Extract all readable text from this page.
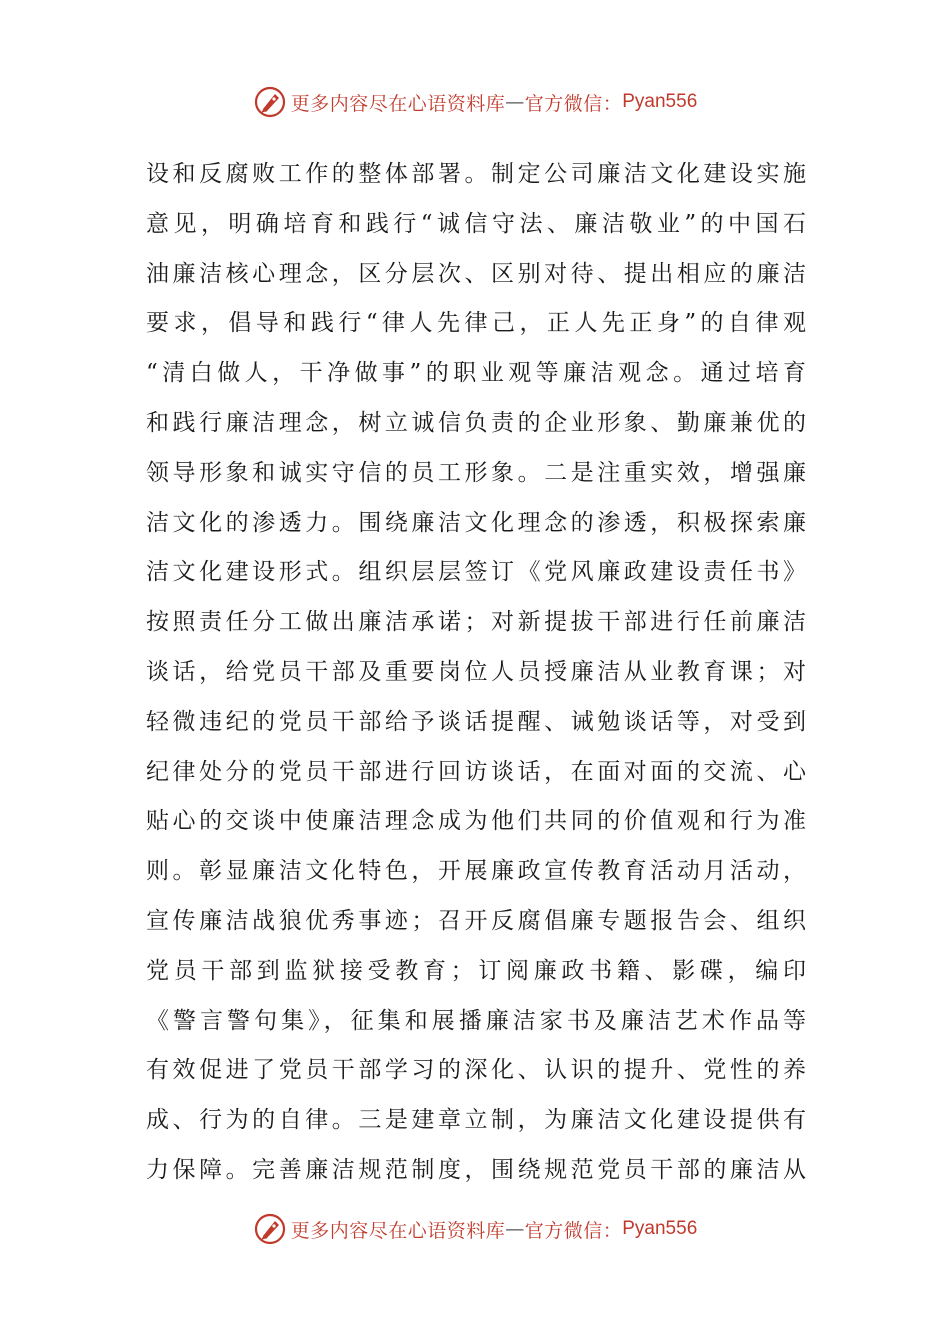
更多内容尽在心语资料库 — 官方微信： Pyan556
设和反腐败工作的整体部署。制定公司廉洁文化建设实施
意见，明确培育和践行“诚信守法、廉洁敬业”的中国石
油廉洁核心理念，区分层次、区别对待、提出相应的廉洁
要求，倡导和践行“律人先律己，正人先正身”的自律观
“清白做人，干净做事”的职业观等廉洁观念。通过培育
和践行廉洁理念，树立诚信负责的企业形象、勤廉兼优的
领导形象和诚实守信的员工形象。二是注重实效，增强廉
洁文化的渗透力。围绕廉洁文化理念的渗透，积极探索廉
洁文化建设形式。组织层层签订《党风廉政建设责任书》
按照责任分工做出廉洁承诺；对新提拔干部进行任前廉洁
谈话，给党员干部及重要岗位人员授廉洁从业教育课；对
轻微违纪的党员干部给予谈话提醒、诫勉谈话等，对受到
纪律处分的党员干部进行回访谈话，在面对面的交流、心
贴心的交谈中使廉洁理念成为他们共同的价值观和行为准
则。彰显廉洁文化特色，开展廉政宣传教育活动月活动，
宣传廉洁战狼优秀事迹；召开反腐倡廉专题报告会、组织
党员干部到监狱接受教育；订阅廉政书籍、影碟，编印
《警言警句集》，征集和展播廉洁家书及廉洁艺术作品等
有效促进了党员干部学习的深化、认识的提升、党性的养
成、行为的自律。三是建章立制，为廉洁文化建设提供有
力保障。完善廉洁规范制度，围绕规范党员干部的廉洁从
更多内容尽在心语资料库 — 官方微信： Pyan556
